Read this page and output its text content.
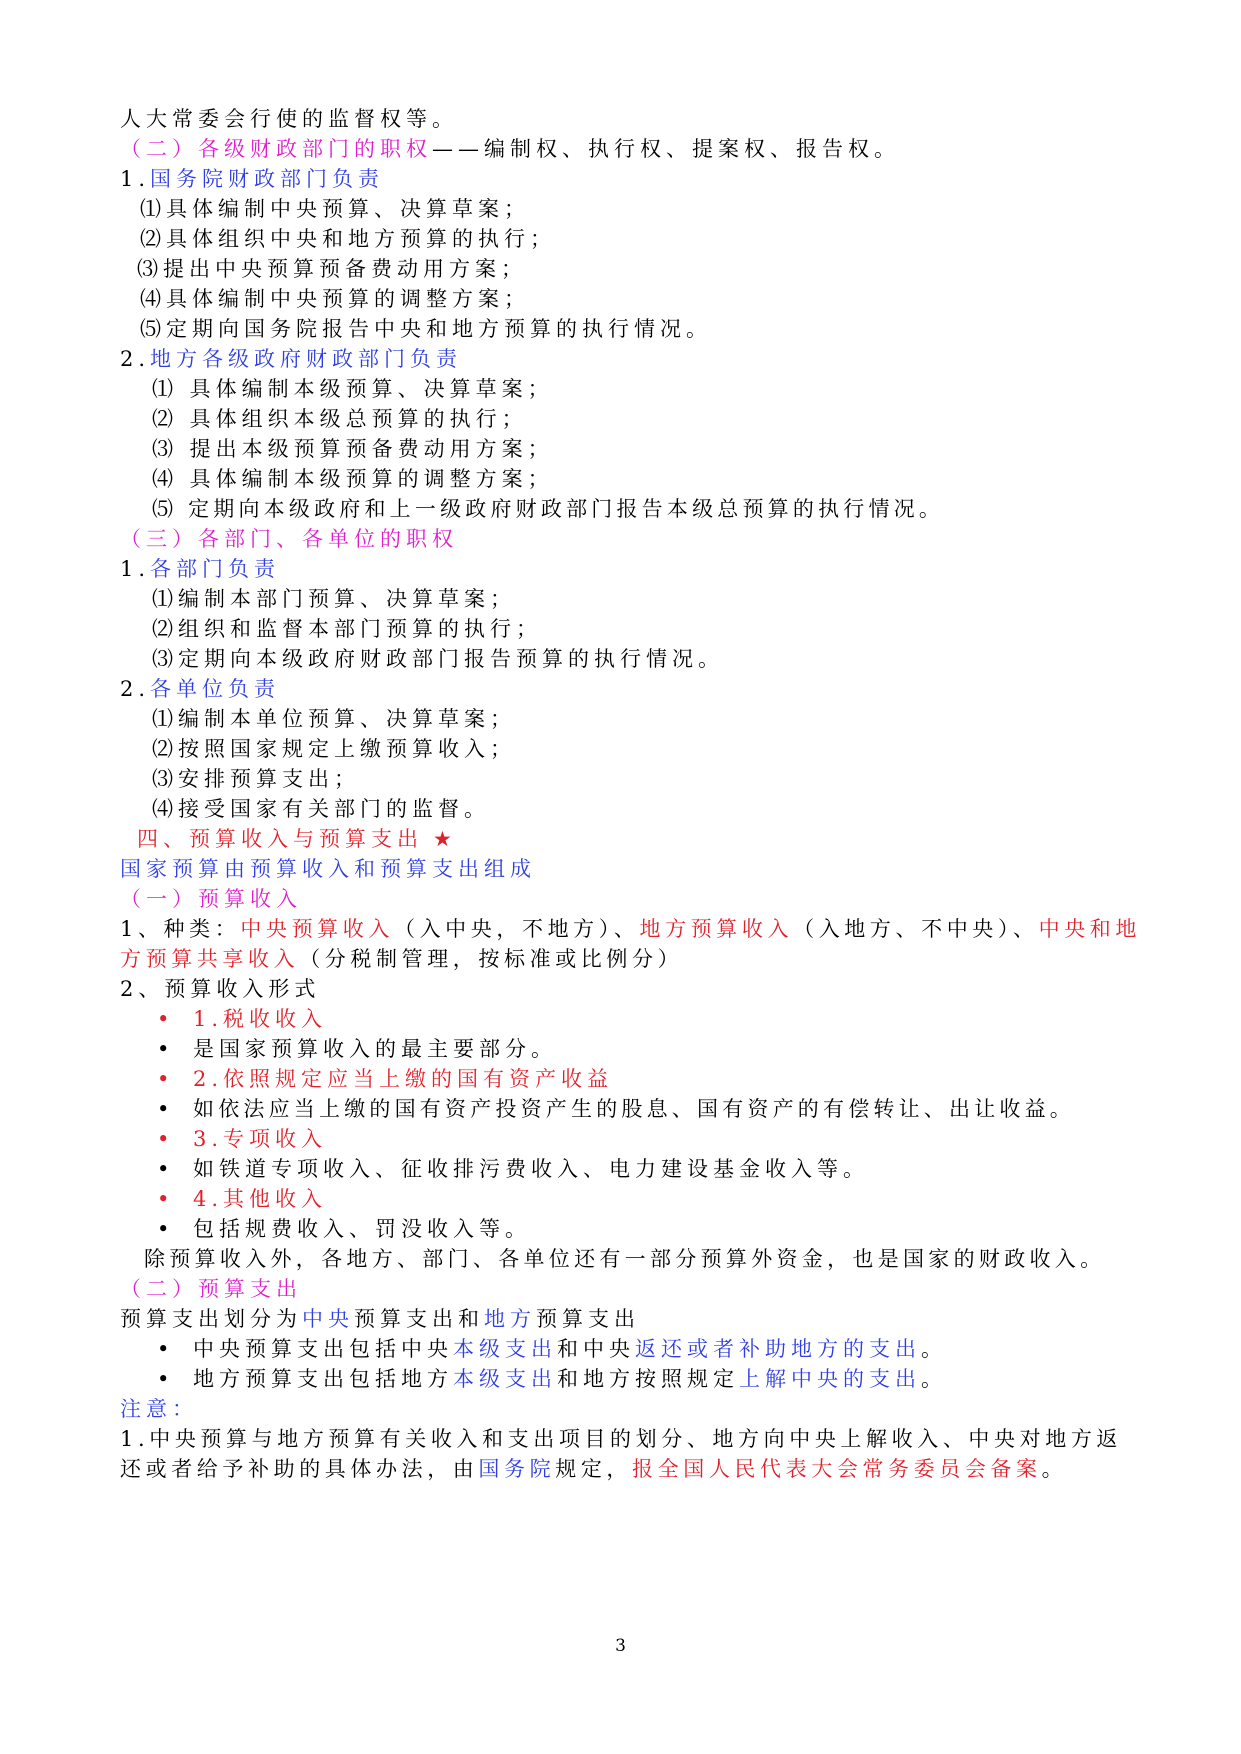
人大常委会行使的监督权等。
（二）各级财政部门的职权——编制权、执行权、提案权、报告权。
1.国务院财政部门负责
⑴具体编制中央预算、决算草案；
⑵具体组织中央和地方预算的执行；
⑶提出中央预算预备费动用方案；
⑷具体编制中央预算的调整方案；
⑸定期向国务院报告中央和地方预算的执行情况。
2.地方各级政府财政部门负责
⑴ 具体编制本级预算、决算草案；
⑵ 具体组织本级总预算的执行；
⑶ 提出本级预算预备费动用方案；
⑷ 具体编制本级预算的调整方案；
⑸ 定期向本级政府和上一级政府财政部门报告本级总预算的执行情况。
（三）各部门、各单位的职权
1.各部门负责
⑴编制本部门预算、决算草案；
⑵组织和监督本部门预算的执行；
⑶定期向本级政府财政部门报告预算的执行情况。
2.各单位负责
⑴编制本单位预算、决算草案；
⑵按照国家规定上缴预算收入；
⑶安排预算支出；
⑷接受国家有关部门的监督。
四、预算收入与预算支出 ★
国家预算由预算收入和预算支出组成
（一）预算收入
1、种类：中央预算收入（入中央，不地方）、地方预算收入（入地方、不中央）、中央和地方预算共享收入（分税制管理，按标准或比例分）
2、预算收入形式
• 1.税收收入
• 是国家预算收入的最主要部分。
• 2.依照规定应当上缴的国有资产收益
• 如依法应当上缴的国有资产投资产生的股息、国有资产的有偿转让、出让收益。
• 3.专项收入
• 如铁道专项收入、征收排污费收入、电力建设基金收入等。
• 4.其他收入
• 包括规费收入、罚没收入等。
除预算收入外，各地方、部门、各单位还有一部分预算外资金，也是国家的财政收入。
（二）预算支出
预算支出划分为中央预算支出和地方预算支出
• 中央预算支出包括中央本级支出和中央返还或者补助地方的支出。
• 地方预算支出包括地方本级支出和地方按照规定上解中央的支出。
注意：
1.中央预算与地方预算有关收入和支出项目的划分、地方向中央上解收入、中央对地方返还或者给予补助的具体办法，由国务院规定，报全国人民代表大会常务委员会备案。
3
